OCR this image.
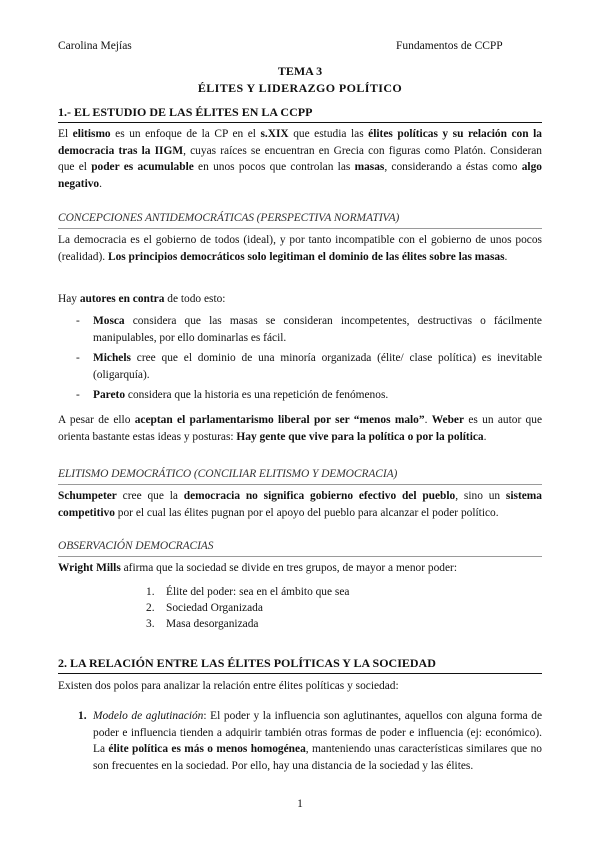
Carolina Mejías	Fundamentos de CCPP
TEMA 3
ÉLITES Y LIDERAZGO POLÍTICO
1.- EL ESTUDIO DE LAS ÉLITES EN LA CCPP
El elitismo es un enfoque de la CP en el s.XIX que estudia las élites políticas y su relación con la democracia tras la IIGM, cuyas raíces se encuentran en Grecia con figuras como Platón. Consideran que el poder es acumulable en unos pocos que controlan las masas, considerando a éstas como algo negativo.
CONCEPCIONES ANTIDEMOCRÁTICAS (PERSPECTIVA NORMATIVA)
La democracia es el gobierno de todos (ideal), y por tanto incompatible con el gobierno de unos pocos (realidad). Los principios democráticos solo legitiman el dominio de las élites sobre las masas.
Hay autores en contra de todo esto:
-	Mosca considera que las masas se consideran incompetentes, destructivas o fácilmente manipulables, por ello dominarlas es fácil.
-	Michels cree que el dominio de una minoría organizada (élite/ clase política) es inevitable (oligarquía).
-	Pareto considera que la historia es una repetición de fenómenos.
A pesar de ello aceptan el parlamentarismo liberal por ser “menos malo”. Weber es un autor que orienta bastante estas ideas y posturas: Hay gente que vive para la política o por la política.
ELITISMO DEMOCRÁTICO (CONCILIAR ELITISMO Y DEMOCRACIA)
Schumpeter cree que la democracia no significa gobierno efectivo del pueblo, sino un sistema competitivo por el cual las élites pugnan por el apoyo del pueblo para alcanzar el poder político.
OBSERVACIÓN DEMOCRACIAS
Wright Mills afirma que la sociedad se divide en tres grupos, de mayor a menor poder:
1.	Élite del poder: sea en el ámbito que sea
2.	Sociedad Organizada
3.	Masa desorganizada
2. LA RELACIÓN ENTRE LAS ÉLITES POLÍTICAS Y LA SOCIEDAD
Existen dos polos para analizar la relación entre élites políticas y sociedad:
1. Modelo de aglutinación: El poder y la influencia son aglutinantes, aquellos con alguna forma de poder e influencia tienden a adquirir también otras formas de poder e influencia (ej: económico). La élite política es más o menos homogénea, manteniendo unas características similares que no son frecuentes en la sociedad. Por ello, hay una distancia de la sociedad y las élites.
1
